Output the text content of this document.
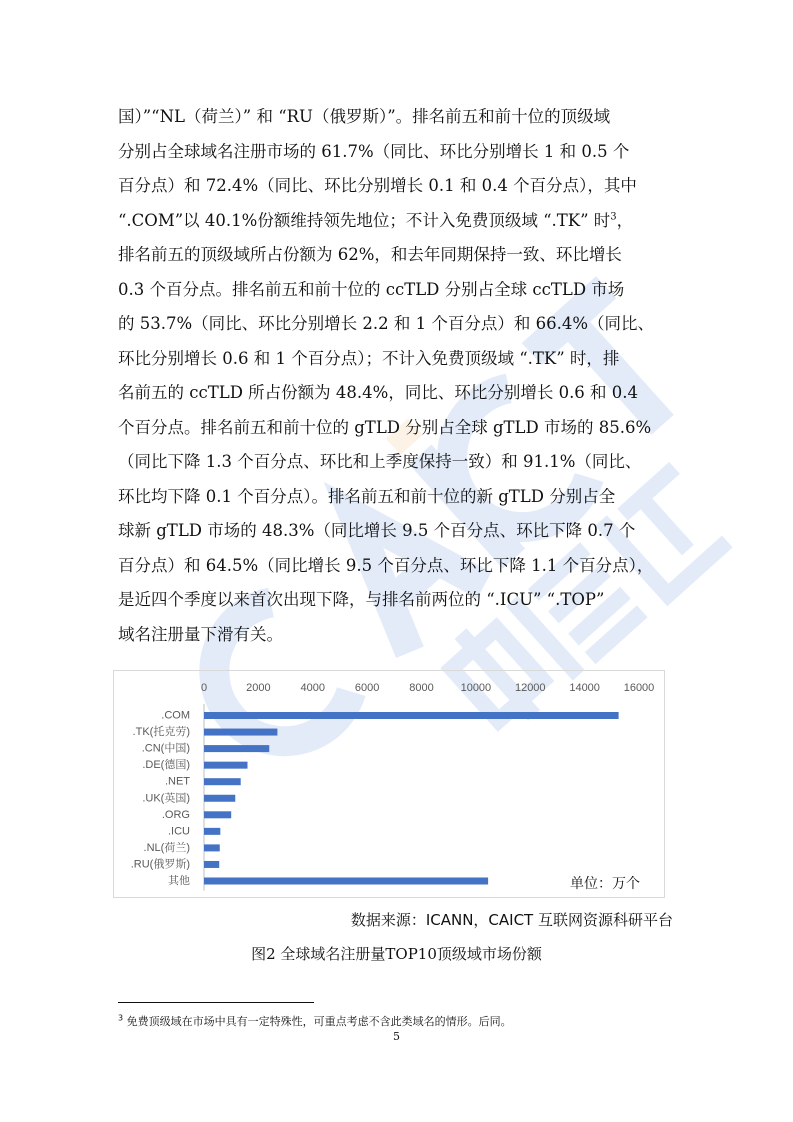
国）”“NL（荷兰）” 和 “RU（俄罗斯）”。排名前五和前十位的顶级域
分别占全球域名注册市场的 61.7%（同比、环比分别增长 1 和 0.5 个
百分点）和 72.4%（同比、环比分别增长 0.1 和 0.4 个百分点），其中
“.COM”以 40.1%份额维持领先地位；不计入免费顶级域 “.TK” 时$^3$，
排名前五的顶级域所占份额为 62%，和去年同期保持一致、环比增长
0.3 个百分点。排名前五和前十位的 ccTLD 分别占全球 ccTLD 市场
的 53.7%（同比、环比分别增长 2.2 和 1 个百分点）和 66.4%（同比、
环比分别增长 0.6 和 1 个百分点）；不计入免费顶级域 “.TK” 时，排
名前五的 ccTLD 所占份额为 48.4%，同比、环比分别增长 0.6 和 0.4
个百分点。排名前五和前十位的 gTLD 分别占全球 gTLD 市场的 85.6%
（同比下降 1.3 个百分点、环比和上季度保持一致）和 91.1%（同比、
环比均下降 0.1 个百分点）。排名前五和前十位的新 gTLD 分别占全
球新 gTLD 市场的 48.3%（同比增长 9.5 个百分点、环比下降 0.7 个
百分点）和 64.5%（同比增长 9.5 个百分点、环比下降 1.1 个百分点），
是近四个季度以来首次出现下降，与排名前两位的 “.ICU” “.TOP”
域名注册量下滑有关。
0	2000	4000	6000	8000 10000 12000 14000 16000
.COM
.TK(托克劳)
.CN(中国)
.DE(德国)
.NET
.UK(英国)
.ORG
.ICU
.NL(荷兰)
.RU(俄罗斯)
其他	单位：万个
数据来源：ICANN，CAICT 互联网资源科研平台
图2 全球域名注册量TOP10顶级域市场份额
$^3$ 免费顶级域在市场中具有一定特殊性，可重点考虑不含此类域名的情形。后同。
5
